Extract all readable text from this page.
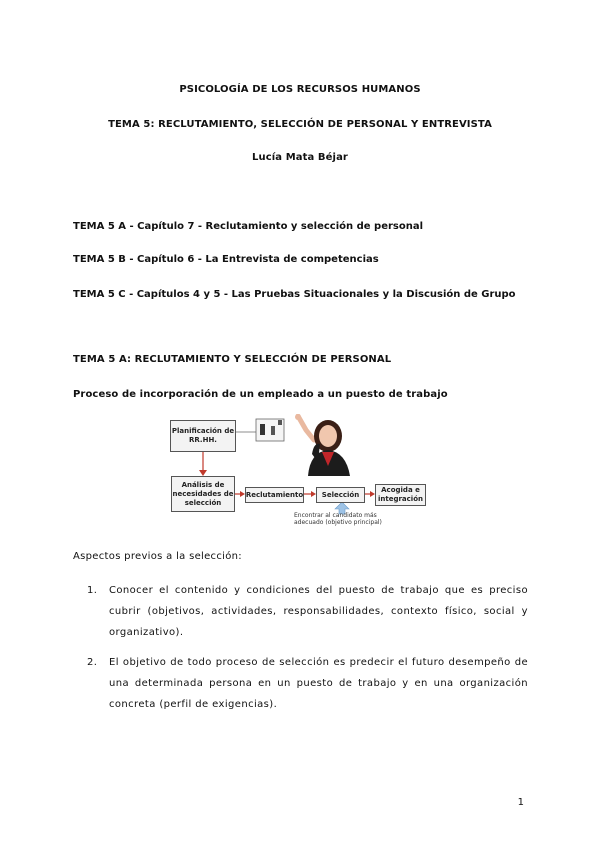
PSICOLOGÍA DE LOS RECURSOS HUMANOS
TEMA 5: RECLUTAMIENTO, SELECCIÓN DE PERSONAL Y ENTREVISTA
Lucía Mata Béjar
TEMA 5 A - Capítulo 7 - Reclutamiento y selección de personal
TEMA 5 B - Capítulo 6 - La Entrevista de competencias
TEMA 5 C - Capítulos 4 y 5 - Las Pruebas Situacionales y la Discusión de Grupo
TEMA 5 A: RECLUTAMIENTO Y SELECCIÓN DE PERSONAL
Proceso de incorporación de un empleado a un puesto de trabajo
Planificación de RR.HH.
Análisis de necesidades de selección
Reclutamiento	Selección
Acogida e integración
Encontrar al candidato más adecuado (objetivo principal)
Aspectos previos a la selección:
1. Conocer el contenido y condiciones del puesto de trabajo que es preciso cubrir (objetivos, actividades, responsabilidades, contexto físico, social y organizativo).
2. El objetivo de todo proceso de selección es predecir el futuro desempeño de una determinada persona en un puesto de trabajo y en una organización concreta (perfil de exigencias).
1
